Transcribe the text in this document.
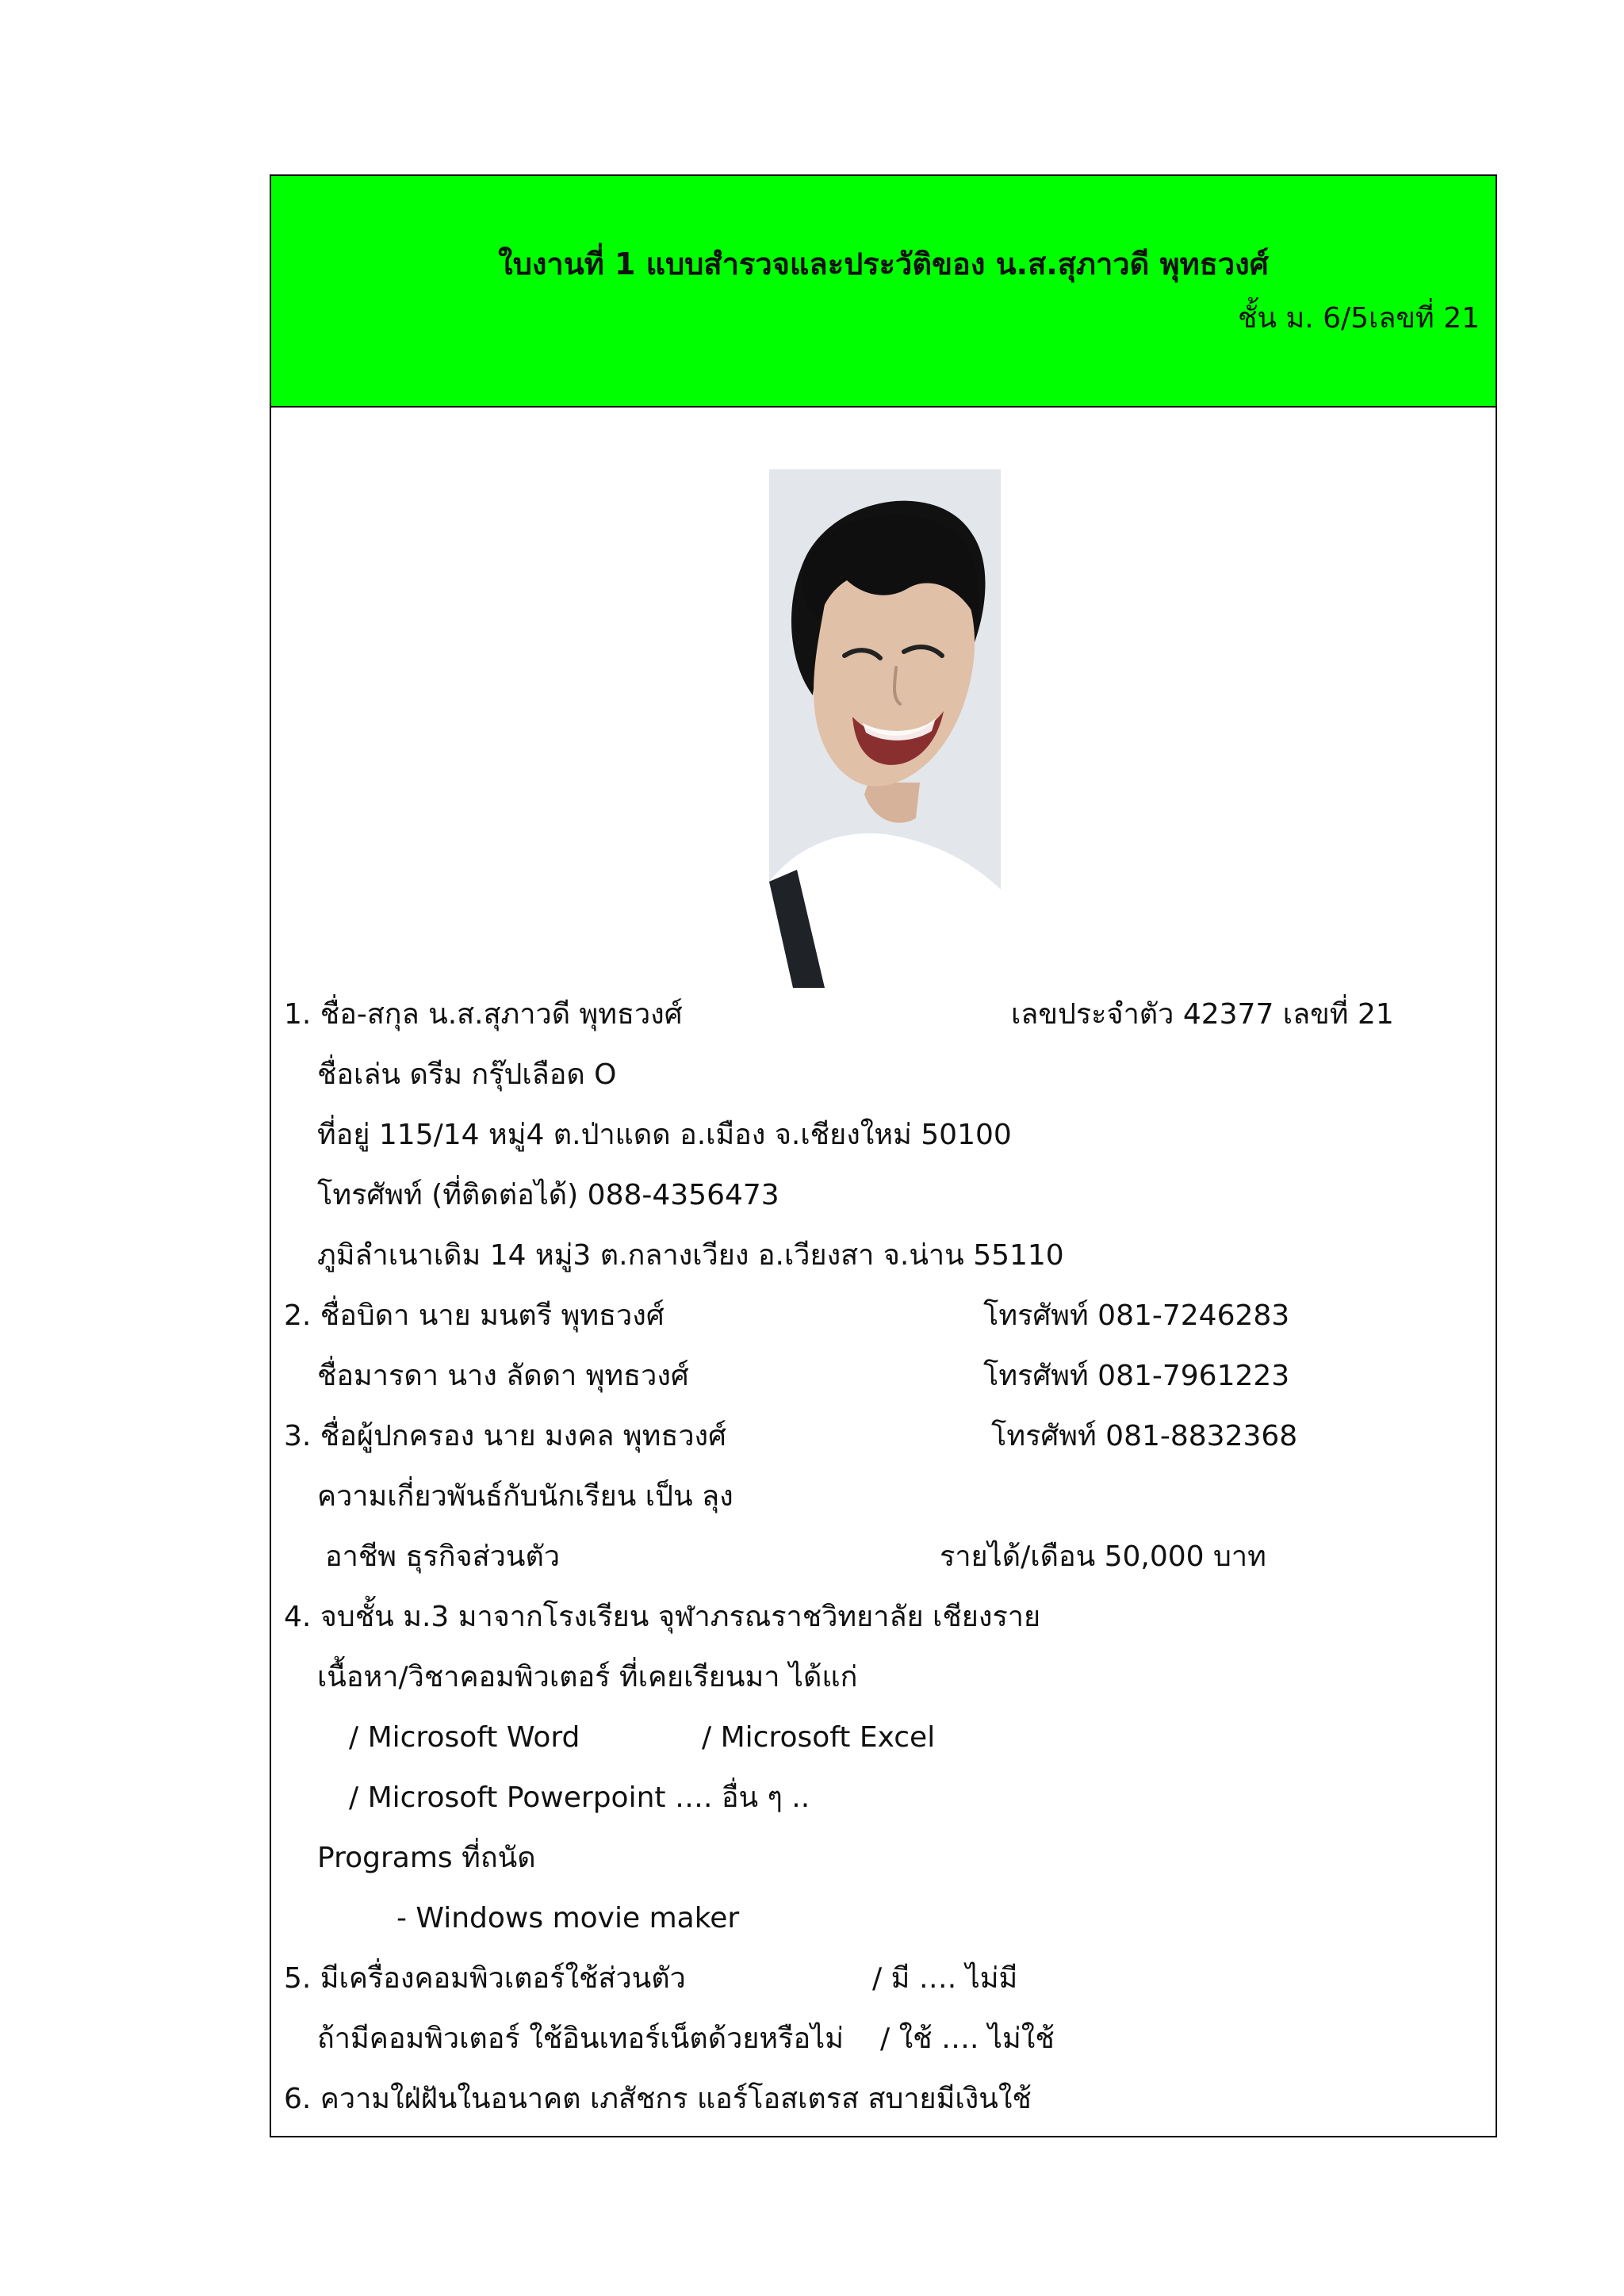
ใบงานที่ 1 แบบสำรวจและประวัติของ น.ส.สุภาวดี พุทธวงศ์
ชั้น ม. 6/5เลขที่ 21
1. ชื่อ-สกุล น.ส.สุภาวดี พุทธวงศ์	เลขประจำตัว 42377 เลขที่ 21
ชื่อเล่น ดรีม กรุ๊ปเลือด O
ที่อยู่ 115/14 หมู่4 ต.ป่าแดด อ.เมือง จ.เชียงใหม่ 50100
โทรศัพท์ (ที่ติดต่อได้) 088-4356473
ภูมิลำเนาเดิม 14 หมู่3 ต.กลางเวียง อ.เวียงสา จ.น่าน 55110
2. ชื่อบิดา นาย มนตรี พุทธวงศ์	โทรศัพท์ 081-7246283
ชื่อมารดา นาง ลัดดา พุทธวงศ์	โทรศัพท์ 081-7961223
3. ชื่อผู้ปกครอง นาย มงคล พุทธวงศ์	โทรศัพท์ 081-8832368
ความเกี่ยวพันธ์กับนักเรียน เป็น ลุง
อาชีพ ธุรกิจส่วนตัว	รายได้/เดือน 50,000 บาท
4. จบชั้น ม.3 มาจากโรงเรียน จุฬาภรณราชวิทยาลัย เชียงราย
เนื้อหา/วิชาคอมพิวเตอร์ ที่เคยเรียนมา ได้แก่
/ Microsoft Word	/ Microsoft Excel
/ Microsoft Powerpoint …. อื่น ๆ ..
Programs ที่ถนัด
- Windows movie maker
5. มีเครื่องคอมพิวเตอร์ใช้ส่วนตัว	/ มี …. ไม่มี
ถ้ามีคอมพิวเตอร์ ใช้อินเทอร์เน็ตด้วยหรือไม่ / ใช้ …. ไม่ใช้
6. ความใฝ่ฝันในอนาคต เภสัชกร แอร์โอสเตรส สบายมีเงินใช้
